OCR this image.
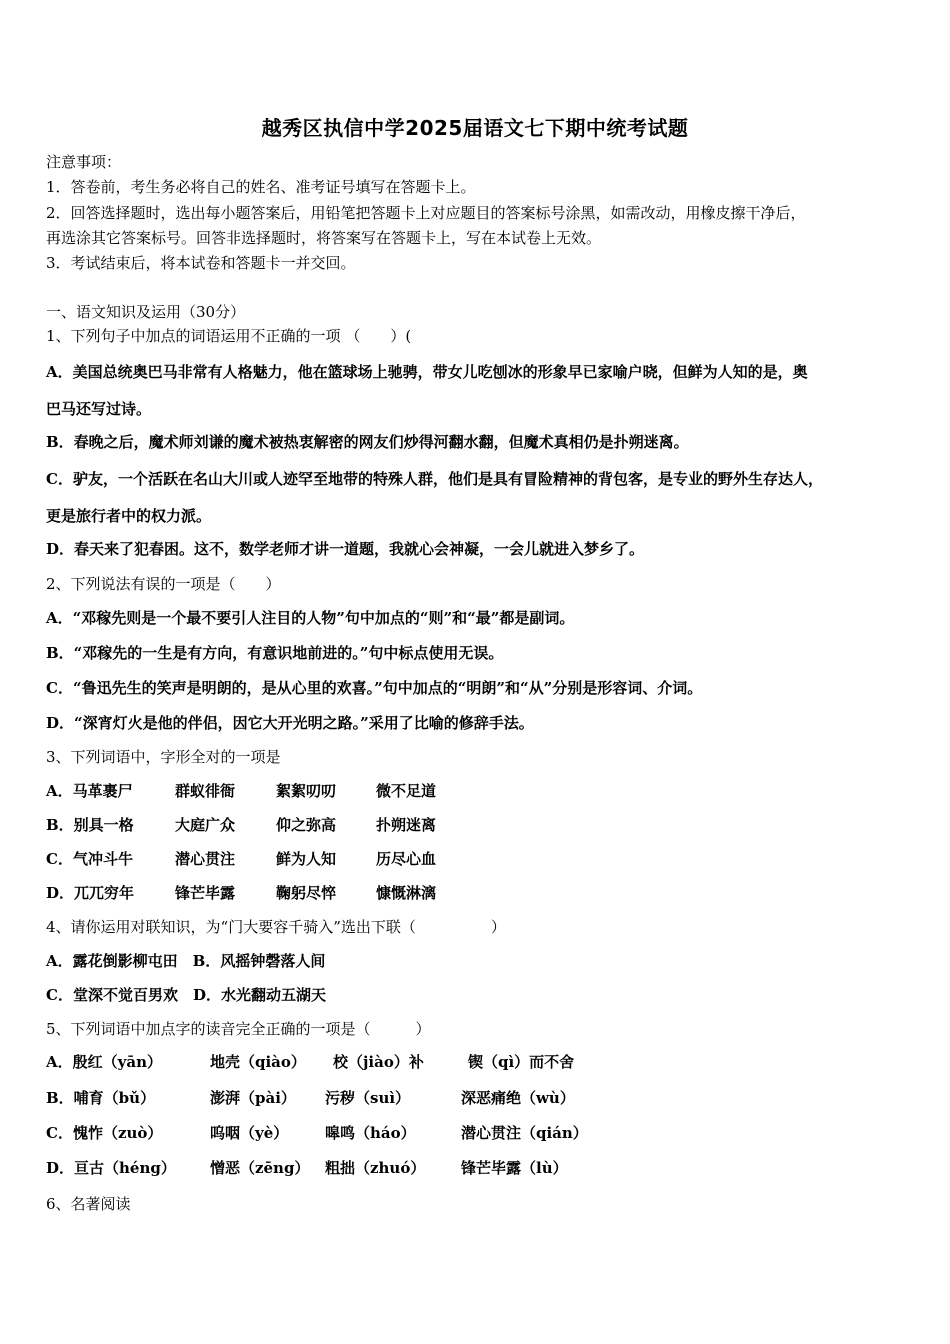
越秀区执信中学2025届语文七下期中统考试题
注意事项：
1．答卷前，考生务必将自己的姓名、准考证号填写在答题卡上。
2．回答选择题时，选出每小题答案后，用铅笔把答题卡上对应题目的答案标号涂黑，如需改动，用橡皮擦干净后，
再选涂其它答案标号。回答非选择题时，将答案写在答题卡上，写在本试卷上无效。
3．考试结束后，将本试卷和答题卡一并交回。
一、语文知识及运用（30分）
1、下列句子中加点的词语运用不正确的一项 （　　）(
A．美国总统奥巴马非常有人格魅力，他在篮球场上驰骋，带女儿吃刨冰的形象早已家喻户晓，但鲜为人知的是，奥
巴马还写过诗。
B．春晚之后，魔术师刘谦的魔术被热衷解密的网友们炒得河翻水翻，但魔术真相仍是扑朔迷离。
C．驴友，一个活跃在名山大川或人迹罕至地带的特殊人群，他们是具有冒险精神的背包客，是专业的野外生存达人，
更是旅行者中的权力派。
D．春天来了犯春困。这不，数学老师才讲一道题，我就心会神凝，一会儿就进入梦乡了。
2、下列说法有误的一项是（　　）
A．“邓稼先则是一个最不要引人注目的人物”句中加点的“则”和“最”都是副词。
B．“邓稼先的一生是有方向，有意识地前进的。”句中标点使用无误。
C．“鲁迅先生的笑声是明朗的，是从心里的欢喜。”句中加点的“明朗”和“从”分别是形容词、介词。
D．“深宵灯火是他的伴侣，因它大开光明之路。”采用了比喻的修辞手法。
3、下列词语中，字形全对的一项是
A．马革裹尸	群蚁徘衙	絮絮叨叨	微不足道
B．别具一格	大庭广众	仰之弥高	扑朔迷离
C．气冲斗牛	潜心贯注	鲜为人知	历尽心血
D．兀兀穷年	锋芒毕露	鞠躬尽悴	慷慨淋漓
4、请你运用对联知识，为“门大要容千骑入”选出下联（　　　　　）
A．露花倒影柳屯田　B．风摇钟磬落人间
C．堂深不觉百男欢　D．水光翻动五湖天
5、下列词语中加点字的读音完全正确的一项是（　　　）
A．殷红（yān）	地壳（qiào） 校（jiào）补	锲（qì）而不舍
B．哺育（bǔ）	澎湃（pài） 污秽（suì）	深恶痛绝（wù）
C．愧怍（zuò）	呜咽（yè） 嗥鸣（háo）	潜心贯注（qián）
D．亘古（héng） 憎恶（zēng） 粗拙（zhuó） 锋芒毕露（lù）
6、名著阅读
